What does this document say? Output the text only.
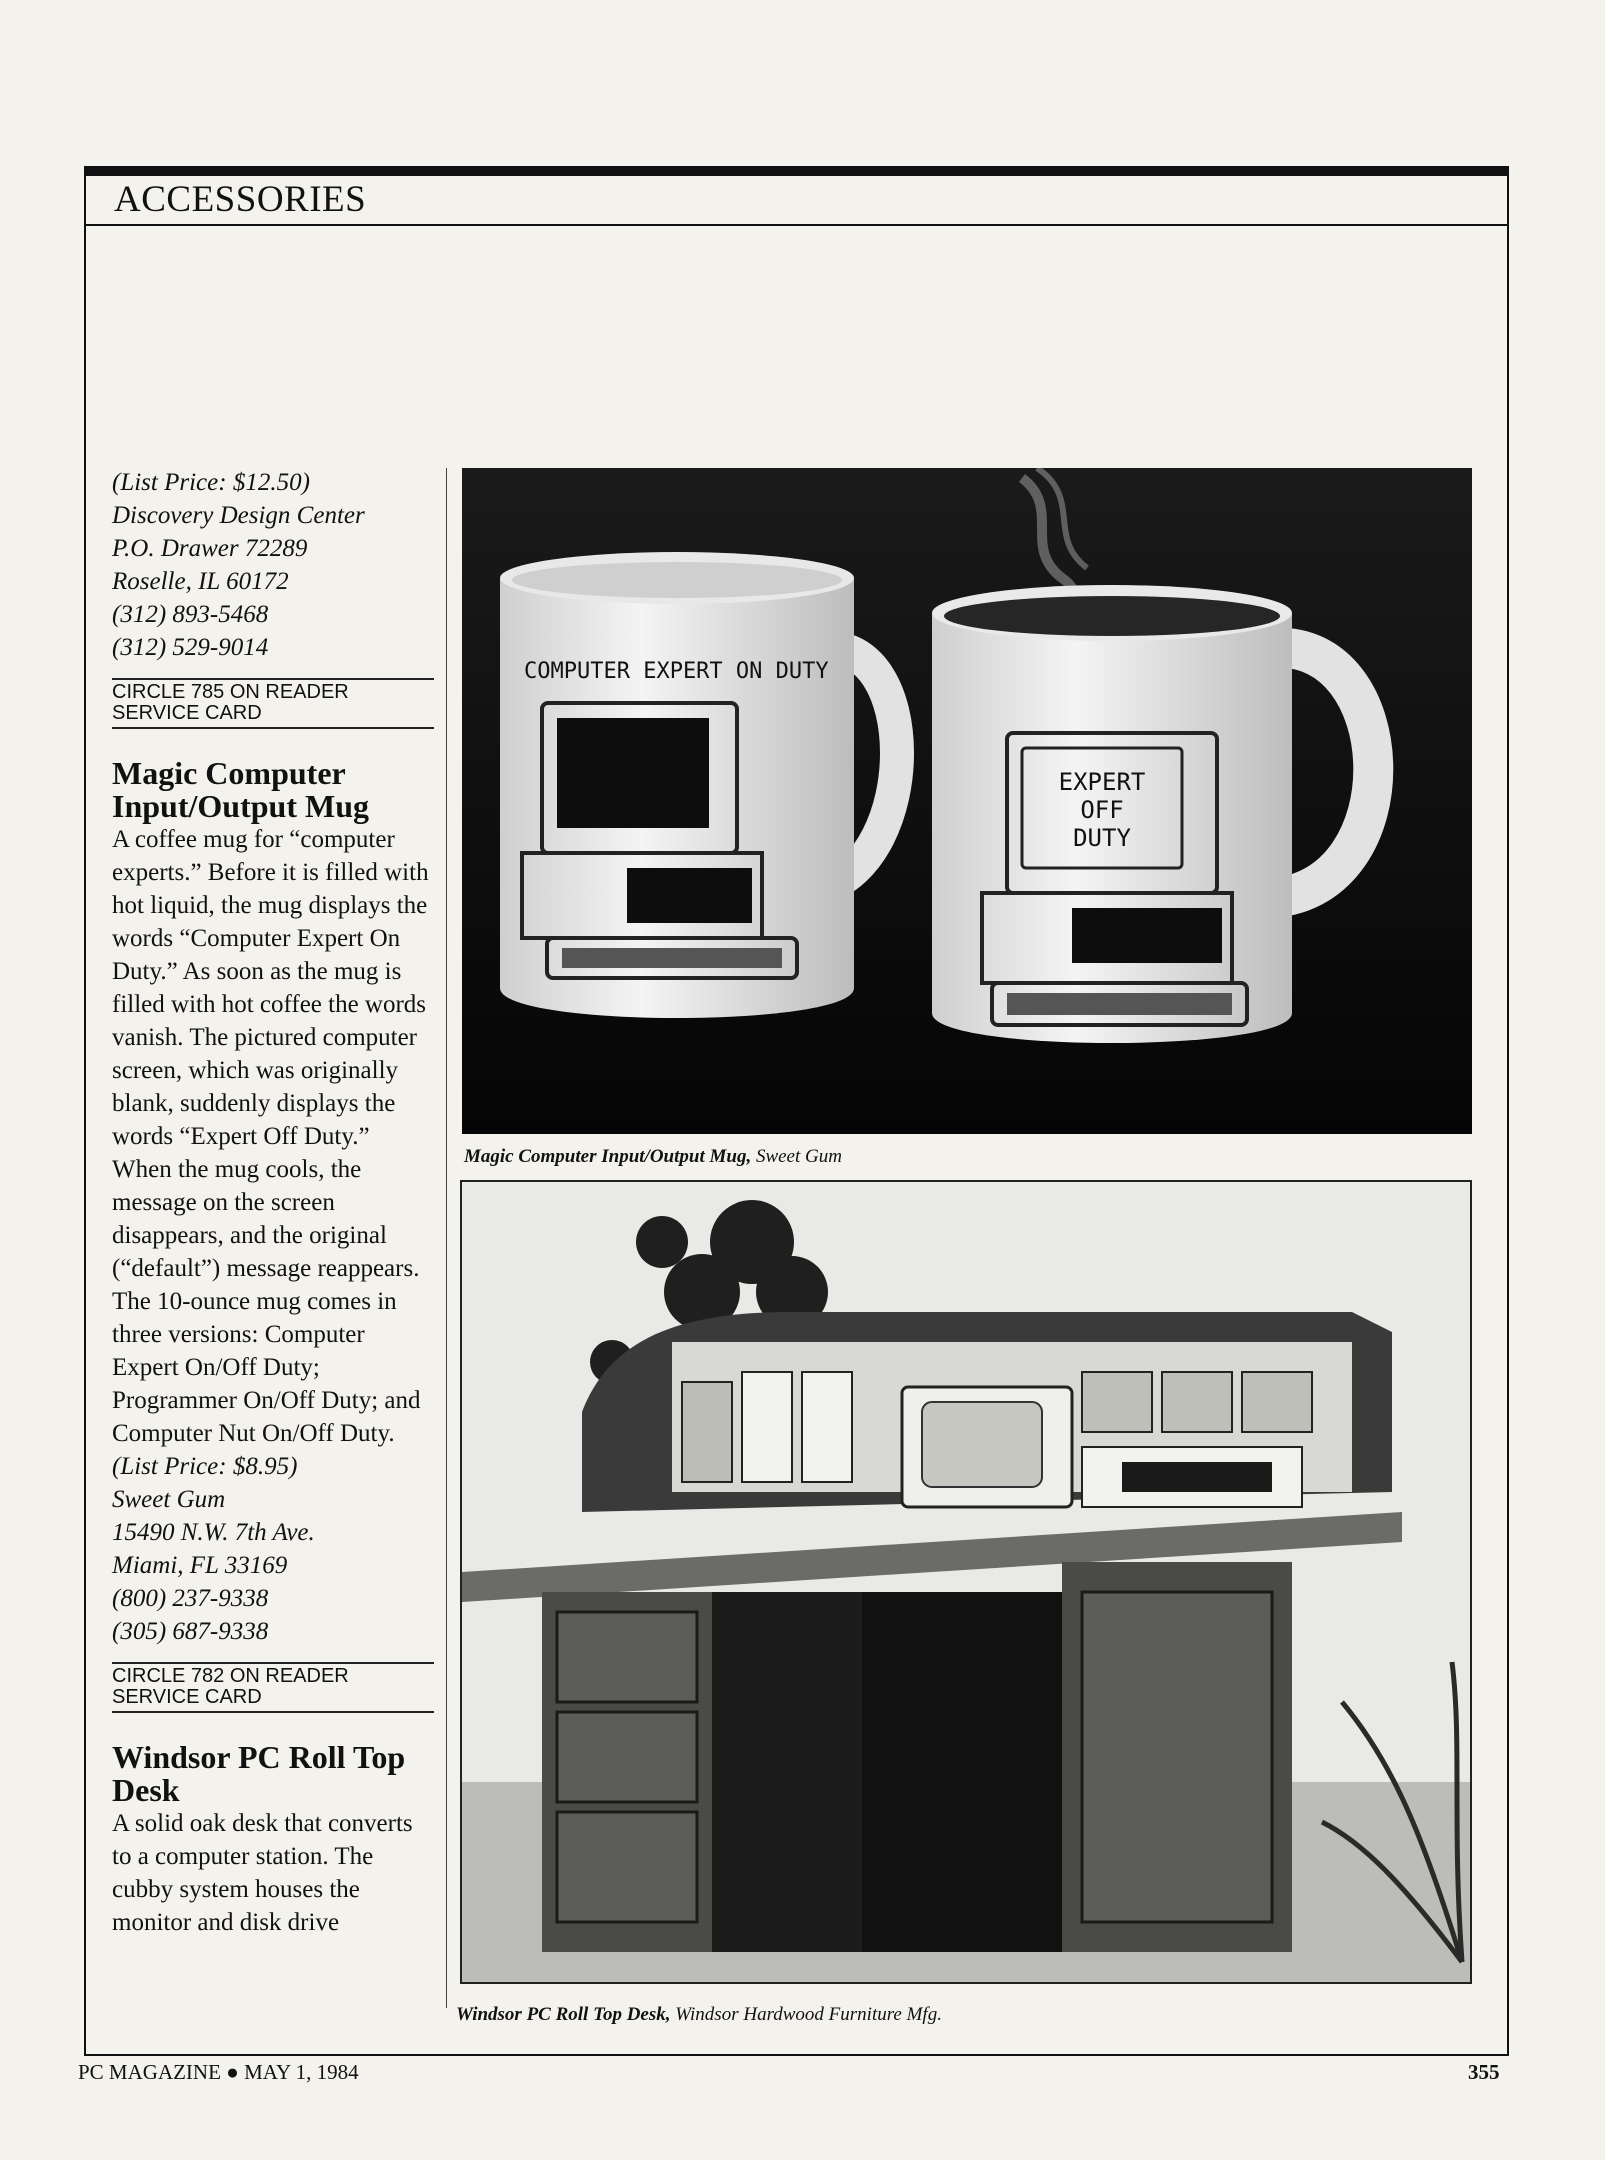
ACCESSORIES

(List Price: $12.50)

Discovery Design Center

P.O. Drawer 72289

Roselle, IL 60172

(312) 893-5468

(312) 529-9014

CIRCLE 785 ON READER SERVICE CARD
Magic Computer Input/Output Mug

A coffee mug for “computer experts.” Before it is filled with hot liquid, the mug displays the words “Computer Expert On Duty.” As soon as the mug is filled with hot coffee the words vanish. The pictured computer screen, which was originally blank, suddenly displays the words “Expert Off Duty.” When the mug cools, the message on the screen disappears, and the original (“default”) message reappears. The 10-ounce mug comes in three versions: Computer Expert On/Off Duty; Programmer On/Off Duty; and Computer Nut On/Off Duty.

(List Price: $8.95)

Sweet Gum

15490 N.W. 7th Ave.

Miami, FL 33169

(800) 237-9338

(305) 687-9338

CIRCLE 782 ON READER SERVICE CARD
Windsor PC Roll Top Desk

A solid oak desk that converts to a computer station. The cubby system houses the monitor and disk drive

COMPUTER EXPERT ON DUTY
EXPERT
OFF
DUTY
Magic Computer Input/Output Mug, Sweet Gum
Windsor PC Roll Top Desk, Windsor Hardwood Furniture Mfg.
PC MAGAZINE ● MAY 1, 1984	355
